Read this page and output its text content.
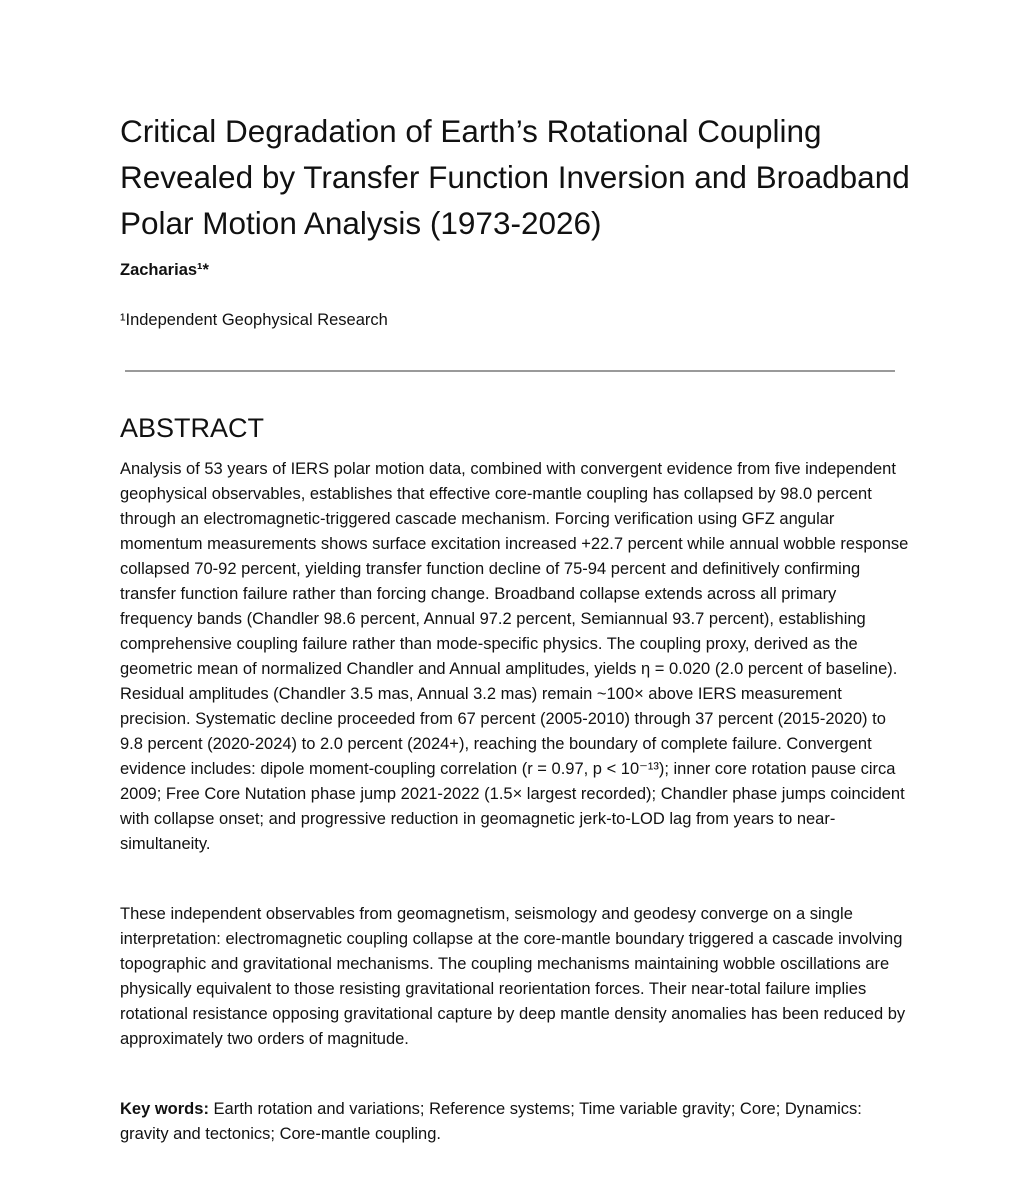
Critical Degradation of Earth’s Rotational Coupling Revealed by Transfer Function Inversion and Broadband Polar Motion Analysis (1973-2026)

Zacharias¹*

¹Independent Geophysical Research

ABSTRACT

Analysis of 53 years of IERS polar motion data, combined with convergent evidence from five independent geophysical observables, establishes that effective core-mantle coupling has collapsed by 98.0 percent through an electromagnetic-triggered cascade mechanism. Forcing verification using GFZ angular momentum measurements shows surface excitation increased +22.7 percent while annual wobble response collapsed 70-92 percent, yielding transfer function decline of 75-94 percent and definitively confirming transfer function failure rather than forcing change. Broadband collapse extends across all primary frequency bands (Chandler 98.6 percent, Annual 97.2 percent, Semiannual 93.7 percent), establishing comprehensive coupling failure rather than mode-specific physics. The coupling proxy, derived as the geometric mean of normalized Chandler and Annual amplitudes, yields η = 0.020 (2.0 percent of baseline). Residual amplitudes (Chandler 3.5 mas, Annual 3.2 mas) remain ~100× above IERS measurement precision. Systematic decline proceeded from 67 percent (2005-2010) through 37 percent (2015-2020) to 9.8 percent (2020-2024) to 2.0 percent (2024+), reaching the boundary of complete failure. Convergent evidence includes: dipole moment-coupling correlation (r = 0.97, p < 10⁻¹³); inner core rotation pause circa 2009; Free Core Nutation phase jump 2021-2022 (1.5× largest recorded); Chandler phase jumps coincident with collapse onset; and progressive reduction in geomagnetic jerk-to-LOD lag from years to near-simultaneity.

These independent observables from geomagnetism, seismology and geodesy converge on a single interpretation: electromagnetic coupling collapse at the core-mantle boundary triggered a cascade involving topographic and gravitational mechanisms. The coupling mechanisms maintaining wobble oscillations are physically equivalent to those resisting gravitational reorientation forces. Their near-total failure implies rotational resistance opposing gravitational capture by deep mantle density anomalies has been reduced by approximately two orders of magnitude.

Key words: Earth rotation and variations; Reference systems; Time variable gravity; Core; Dynamics: gravity and tectonics; Core-mantle coupling.
